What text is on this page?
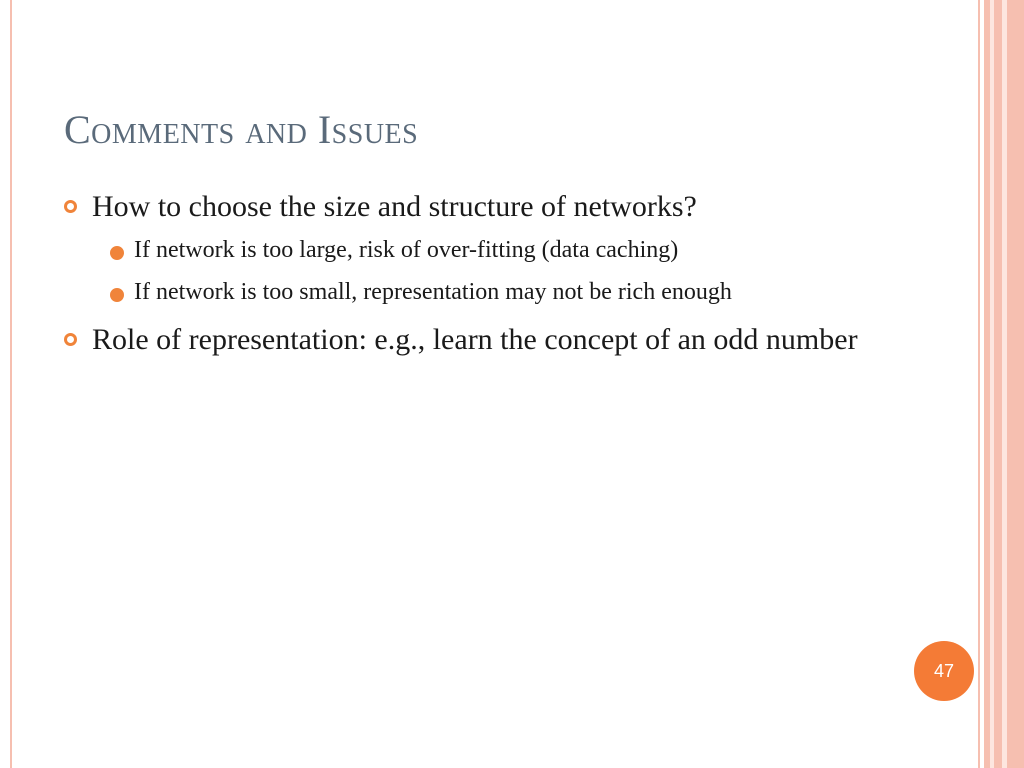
Comments and Issues
How to choose the size and structure of networks?
If network is too large, risk of over-fitting (data caching)
If network is too small, representation may not be rich enough
Role of representation: e.g., learn the concept of an odd number
47
